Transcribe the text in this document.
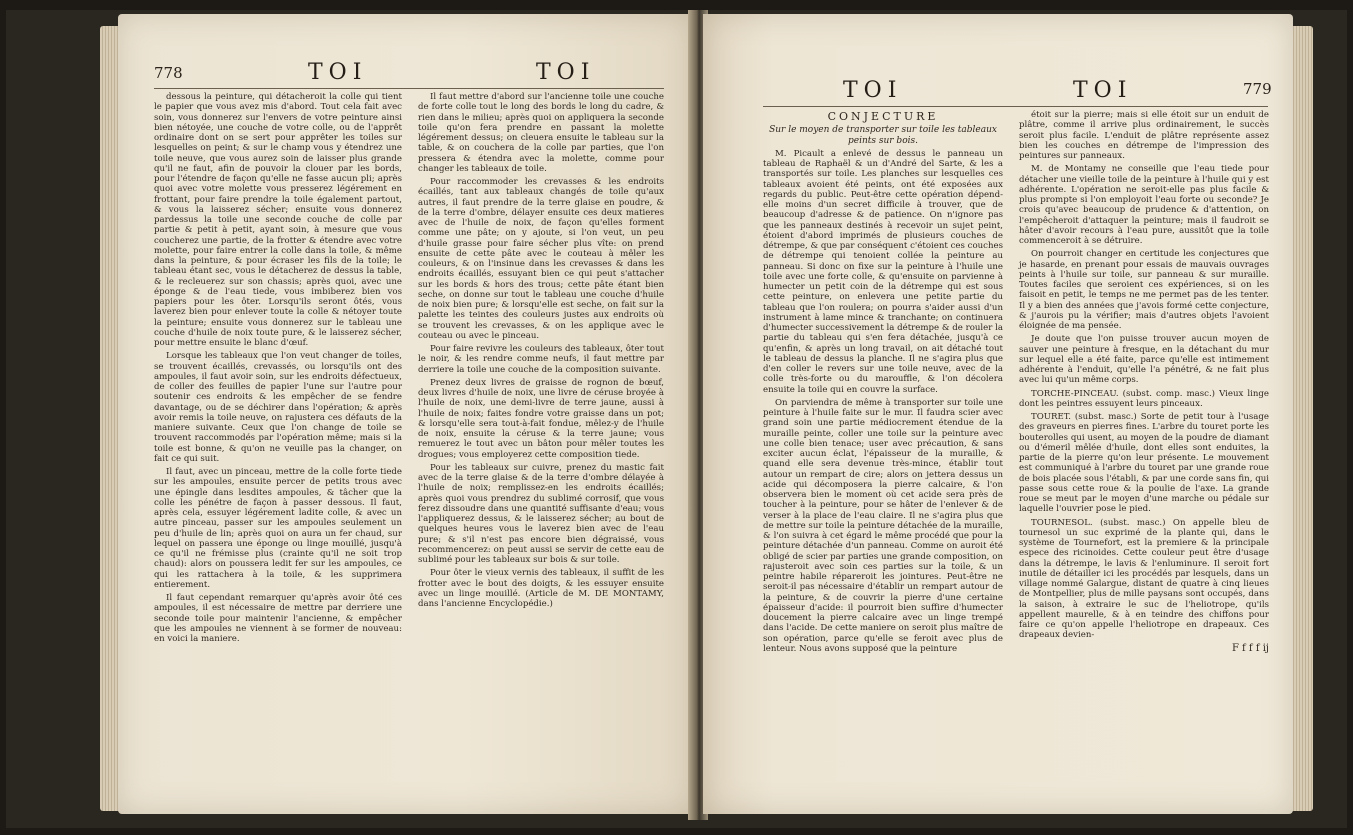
778	TOI	TOI

dessous la peinture, qui détacheroit la colle qui tient le papier que vous avez mis d'abord. Tout cela fait avec soin, vous donnerez sur l'envers de votre peinture ainsi bien nétoyée, une couche de votre colle, ou de l'apprêt ordinaire dont on se sert pour apprêter les toiles sur lesquelles on peint; & sur le champ vous y étendrez une toile neuve, que vous aurez soin de laisser plus grande qu'il ne faut, afin de pouvoir la clouer par les bords, pour l'étendre de façon qu'elle ne fasse aucun pli; après quoi avec votre molette vous presserez légérement en frottant, pour faire prendre la toile également partout, & vous la laisserez sécher; ensuite vous donnerez pardessus la toile une seconde couche de colle par partie & petit à petit, ayant soin, à mesure que vous coucherez une partie, de la frotter & étendre avec votre molette, pour faire entrer la colle dans la toile, & même dans la peinture, & pour écraser les fils de la toile; le tableau étant sec, vous le détacherez de dessus la table, & le recleuerez sur son chassis; après quoi, avec une éponge & de l'eau tiede, vous imbiberez bien vos papiers pour les ôter. Lorsqu'ils seront ôtés, vous laverez bien pour enlever toute la colle & nétoyer toute la peinture; ensuite vous donnerez sur le tableau une couche d'huile de noix toute pure, & le laisserez sécher, pour mettre ensuite le blanc d'œuf.

Lorsque les tableaux que l'on veut changer de toiles, se trouvent écaillés, crevassés, ou lorsqu'ils ont des ampoules, il faut avoir soin, sur les endroits défectueux, de coller des feuilles de papier l'une sur l'autre pour soutenir ces endroits & les empêcher de se fendre davantage, ou de se déchirer dans l'opération; & après avoir remis la toile neuve, on rajustera ces défauts de la maniere suivante. Ceux que l'on change de toile se trouvent raccommodés par l'opération même; mais si la toile est bonne, & qu'on ne veuille pas la changer, on fait ce qui suit.

Il faut, avec un pinceau, mettre de la colle forte tiede sur les ampoules, ensuite percer de petits trous avec une épingle dans lesdites ampoules, & tâcher que la colle les pénétre de façon à passer dessous. Il faut, après cela, essuyer légérement ladite colle, & avec un autre pinceau, passer sur les ampoules seulement un peu d'huile de lin; après quoi on aura un fer chaud, sur lequel on passera une éponge ou linge mouillé, jusqu'à ce qu'il ne frémisse plus (crainte qu'il ne soit trop chaud): alors on poussera ledit fer sur les ampoules, ce qui les rattachera à la toile, & les supprimera entierement.

Il faut cependant remarquer qu'après avoir ôté ces ampoules, il est nécessaire de mettre par derriere une seconde toile pour maintenir l'ancienne, & empêcher que les ampoules ne viennent à se former de nouveau: en voici la maniere.

Il faut mettre d'abord sur l'ancienne toile une couche de forte colle tout le long des bords le long du cadre, & rien dans le milieu; après quoi on appliquera la seconde toile qu'on fera prendre en passant la molette légérement dessus; on cleuera ensuite le tableau sur la table, & on couchera de la colle par parties, que l'on pressera & étendra avec la molette, comme pour changer les tableaux de toile.

Pour raccommoder les crevasses & les endroits écaillés, tant aux tableaux changés de toile qu'aux autres, il faut prendre de la terre glaise en poudre, & de la terre d'ombre, délayer ensuite ces deux matieres avec de l'huile de noix, de façon qu'elles forment comme une pâte; on y ajoute, si l'on veut, un peu d'huile grasse pour faire sécher plus vîte: on prend ensuite de cette pâte avec le couteau à mêler les couleurs, & on l'insinue dans les crevasses & dans les endroits écaillés, essuyant bien ce qui peut s'attacher sur les bords & hors des trous; cette pâte étant bien seche, on donne sur tout le tableau une couche d'huile de noix bien pure; & lorsqu'elle est seche, on fait sur la palette les teintes des couleurs justes aux endroits où se trouvent les crevasses, & on les applique avec le couteau ou avec le pinceau.

Pour faire revivre les couleurs des tableaux, ôter tout le noir, & les rendre comme neufs, il faut mettre par derriere la toile une couche de la composition suivante.

Prenez deux livres de graisse de rognon de bœuf, deux livres d'huile de noix, une livre de céruse broyée à l'huile de noix, une demi-livre de terre jaune, aussi à l'huile de noix; faites fondre votre graisse dans un pot; & lorsqu'elle sera tout-à-fait fondue, mêlez-y de l'huile de noix, ensuite la céruse & la terre jaune; vous remuerez le tout avec un bâton pour mêler toutes les drogues; vous employerez cette composition tiede.

Pour les tableaux sur cuivre, prenez du mastic fait avec de la terre glaise & de la terre d'ombre délayée à l'huile de noix; remplissez-en les endroits écaillés; après quoi vous prendrez du sublimé corrosif, que vous ferez dissoudre dans une quantité suffisante d'eau; vous l'appliquerez dessus, & le laisserez sécher; au bout de quelques heures vous le laverez bien avec de l'eau pure; & s'il n'est pas encore bien dégraissé, vous recommencerez: on peut aussi se servir de cette eau de sublimé pour les tableaux sur bois & sur toile.

Pour ôter le vieux vernis des tableaux, il suffit de les frotter avec le bout des doigts, & les essuyer ensuite avec un linge mouillé. (Article de M. DE MONTAMY, dans l'ancienne Encyclopédie.)

TOI	TOI	779

CONJECTURE

Sur le moyen de transporter sur toile les tableaux peints sur bois.

M. Picault a enlevé de dessus le panneau un tableau de Raphaël & un d'André del Sarte, & les a transportés sur toile. Les planches sur lesquelles ces tableaux avoient été peints, ont été exposées aux regards du public. Peut-être cette opération dépend-elle moins d'un secret difficile à trouver, que de beaucoup d'adresse & de patience. On n'ignore pas que les panneaux destinés à recevoir un sujet peint, étoient d'abord imprimés de plusieurs couches de détrempe, & que par conséquent c'étoient ces couches de détrempe qui tenoient collée la peinture au panneau. Si donc on fixe sur la peinture à l'huile une toile avec une forte colle, & qu'ensuite on parvienne à humecter un petit coin de la détrempe qui est sous cette peinture, on enlevera une petite partie du tableau que l'on roulera; on pourra s'aider aussi d'un instrument à lame mince & tranchante; on continuera d'humecter successivement la détrempe & de rouler la partie du tableau qui s'en fera détachée, jusqu'à ce qu'enfin, & après un long travail, on ait détaché tout le tableau de dessus la planche. Il ne s'agira plus que d'en coller le revers sur une toile neuve, avec de la colle très-forte ou du marouffle, & l'on décolera ensuite la toile qui en couvre la surface.

On parviendra de même à transporter sur toile une peinture à l'huile faite sur le mur. Il faudra scier avec grand soin une partie médiocrement étendue de la muraille peinte, coller une toile sur la peinture avec une colle bien tenace; user avec précaution, & sans exciter aucun éclat, l'épaisseur de la muraille, & quand elle sera devenue très-mince, établir tout autour un rempart de cire; alors on jettera dessus un acide qui décomposera la pierre calcaire, & l'on observera bien le moment où cet acide sera près de toucher à la peinture, pour se hâter de l'enlever & de verser à la place de l'eau claire. Il ne s'agira plus que de mettre sur toile la peinture détachée de la muraille, & l'on suivra à cet égard le même procédé que pour la peinture détachée d'un panneau. Comme on auroit été obligé de scier par parties une grande composition, on rajusteroit avec soin ces parties sur la toile, & un peintre habile répareroit les jointures. Peut-être ne seroit-il pas nécessaire d'établir un rempart autour de la peinture, & de couvrir la pierre d'une certaine épaisseur d'acide: il pourroit bien suffire d'humecter doucement la pierre calcaire avec un linge trempé dans l'acide. De cette maniere on seroit plus maître de son opération, parce qu'elle se feroit avec plus de lenteur. Nous avons supposé que la peinture

étoit sur la pierre; mais si elle étoit sur un enduit de plâtre, comme il arrive plus ordinairement, le succès seroit plus facile. L'enduit de plâtre représente assez bien les couches en détrempe de l'impression des peintures sur panneaux.

M. de Montamy ne conseille que l'eau tiede pour détacher une vieille toile de la peinture à l'huile qui y est adhérente. L'opération ne seroit-elle pas plus facile & plus prompte si l'on employoit l'eau forte ou seconde? Je crois qu'avec beaucoup de prudence & d'attention, on l'empêcheroit d'attaquer la peinture; mais il faudroit se hâter d'avoir recours à l'eau pure, aussitôt que la toile commenceroit à se détruire.

On pourroit changer en certitude les conjectures que je hasarde, en prenant pour essais de mauvais ouvrages peints à l'huile sur toile, sur panneau & sur muraille. Toutes faciles que seroient ces expériences, si on les faisoit en petit, le temps ne me permet pas de les tenter. Il y a bien des années que j'avois formé cette conjecture, & j'aurois pu la vérifier; mais d'autres objets l'avoient éloignée de ma pensée.

Je doute que l'on puisse trouver aucun moyen de sauver une peinture à fresque, en la détachant du mur sur lequel elle a été faite, parce qu'elle est intimement adhérente à l'enduit, qu'elle l'a pénétré, & ne fait plus avec lui qu'un même corps.

TORCHE-PINCEAU. (subst. comp. masc.) Vieux linge dont les peintres essuyent leurs pinceaux.

TOURET. (subst. masc.) Sorte de petit tour à l'usage des graveurs en pierres fines. L'arbre du touret porte les bouterolles qui usent, au moyen de la poudre de diamant ou d'émeril mêlée d'huile, dont elles sont enduites, la partie de la pierre qu'on leur présente. Le mouvement est communiqué à l'arbre du touret par une grande roue de bois placée sous l'établi, & par une corde sans fin, qui passe sous cette roue & la poulie de l'axe. La grande roue se meut par le moyen d'une marche ou pédale sur laquelle l'ouvrier pose le pied.

TOURNESOL. (subst. masc.) On appelle bleu de tournesol un suc exprimé de la plante qui, dans le système de Tournefort, est la premiere & la principale espece des ricinoides. Cette couleur peut être d'usage dans la détrempe, le lavis & l'enluminure. Il seroit fort inutile de détailler ici les procédés par lesquels, dans un village nommé Galargue, distant de quatre à cinq lieues de Montpellier, plus de mille paysans sont occupés, dans la saison, à extraire le suc de l'heliotrope, qu'ils appellent maurelle, & à en teindre des chiffons pour faire ce qu'on appelle l'heliotrope en drapeaux. Ces drapeaux devien-

F f f f ij
